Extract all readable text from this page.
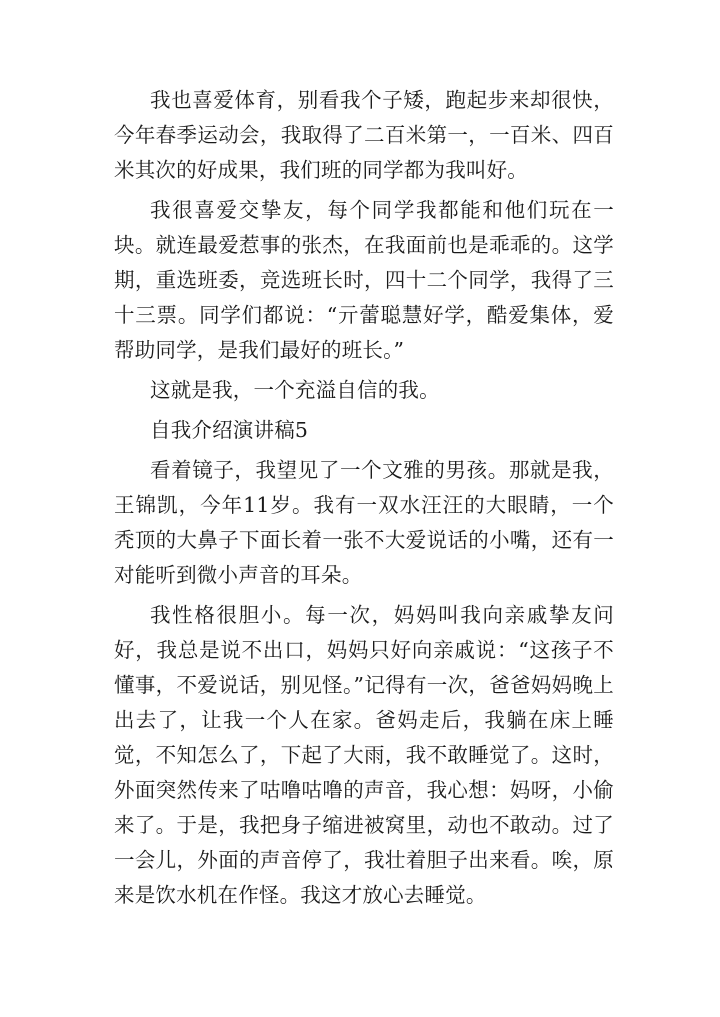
我也喜爱体育，别看我个子矮，跑起步来却很快，今年春季运动会，我取得了二百米第一，一百米、四百米其次的好成果，我们班的同学都为我叫好。

我很喜爱交挚友，每个同学我都能和他们玩在一块。就连最爱惹事的张杰，在我面前也是乖乖的。这学期，重选班委，竞选班长时，四十二个同学，我得了三十三票。同学们都说：“亓蕾聪慧好学，酷爱集体，爱帮助同学，是我们最好的班长。”

这就是我，一个充溢自信的我。

自我介绍演讲稿5

看着镜子，我望见了一个文雅的男孩。那就是我，王锦凯，今年11岁。我有一双水汪汪的大眼睛，一个秃顶的大鼻子下面长着一张不大爱说话的小嘴，还有一对能听到微小声音的耳朵。

我性格很胆小。每一次，妈妈叫我向亲戚挚友问好，我总是说不出口，妈妈只好向亲戚说：“这孩子不懂事，不爱说话，别见怪。”记得有一次，爸爸妈妈晚上出去了，让我一个人在家。爸妈走后，我躺在床上睡觉，不知怎么了，下起了大雨，我不敢睡觉了。这时，外面突然传来了咕噜咕噜的声音，我心想：妈呀，小偷来了。于是，我把身子缩进被窝里，动也不敢动。过了一会儿，外面的声音停了，我壮着胆子出来看。唉，原来是饮水机在作怪。我这才放心去睡觉。
